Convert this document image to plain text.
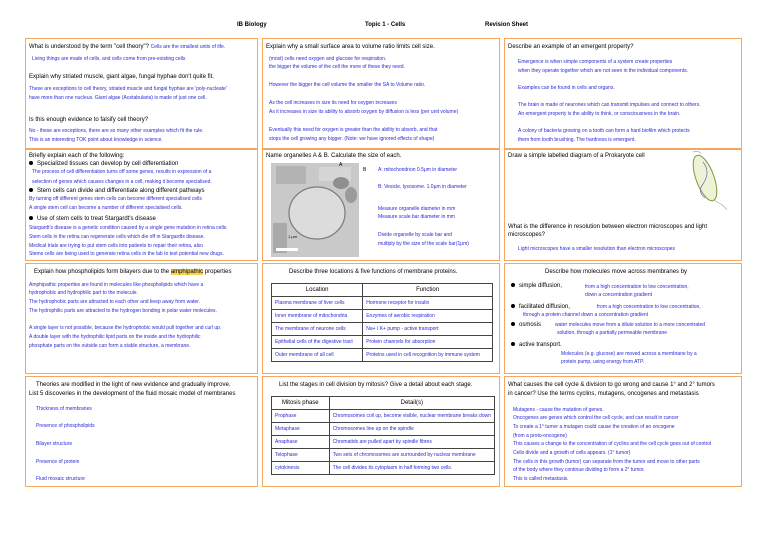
IB Biology	Topic 1 - Cells	Revision Sheet
What is understood by the term "cell theory"? Cells are the smallest units of life.
Living things are made of cells, and cells come from pre-existing cells
Explain why striated muscle, giant algae, fungal hyphae don't quite fit.
These are exceptions to cell theory, striated muscle and fungal hyphae are 'poly-nucleate'
have more than one nucleus. Giant algae (Acetabularia) is made of just one cell.
Is this enough evidence to falsify cell theory?
No - these are exceptions, there are so many other examples which fit the rule.
This is an interesting TOK point about knowledge in science.
Explain why a small surface area to volume ratio limits cell size.
(most) cells need oxygen and glucose for respiration.
the bigger the volume of the cell the more of these they need.
However the bigger the cell volume the smaller the SA to Volume ratio.
As the cell increases in size its need for oxygen increases
As it increases in size its ability to absorb oxygen by diffusion is less (per unit volume)
Eventually this need for oxygen is greater than the ability to absorb, and that
stops the cell growing any bigger. (Note: we have ignored effects of shape)
Describe an example of an emergent property?
Emergence is when simple components of a system create properties
when they operate together which are not seen in the individual components.
Examples can be found in cells and organs.
The brain is made of neurones which can transmit impulses and connect to others.
An emergent property is the ability to think, or consciousness in the brain.
A colony of bacteria growing on a tooth can form a hard biofilm which protects
them from tooth brushing. The hardness is emergent.
Briefly explain each of the following:
Specialized tissues can develop by cell differentiation
The process of cell differentiation turns off some genes, results in expression of a
selection of genes which causes changes in a cell, making it become specialised.
Stem cells can divide and differentiate along different pathways
By turning off different genes stem cells can become different specialised cells
A single stem cell can become a number of different specialised cells.
Use of stem cells to treat Stargardt's disease
Stargardt's disease is a genetic condition caused by a single gene mutation in retina cells.
Stem cells in the retina can regenerate cells which die off in Stargardts disease.
Medical trials are trying to put stem cells into patients to repair their retina, also
Stems cells are being used to generate retina cells in the lab to test potential new drugs.
Name organelles A & B. Calculate the size of each.
A
B
1 μm
A: mitochondrion 0.5μm in diameter
B: Vesicle, lysosome. 1.0μm in diameter
Measure organelle diameter in mm
Measure scale bar diameter in mm
Divide organelle by scale bar and
multiply by the size of the scale bar(1μm)
Draw a simple labelled diagram of a Prokaryote cell
What is the difference in resolution between electron microscopes and light
microscopes?
Light microscopes have a smaller resolution than electron microscopes
Explain how phospholipids form bilayers due to the amphipathic properties
Amphipathic properties are found in molecules like phospholipids which have a
hydrophobic and hydrophilic part to the molecule.
The hydrophobic parts are attracted to each other and keep away from water.
The hydrophilic parts are attracted to the hydrogen bonding in polar water molecules.
A single layer is not possible, because the hydrophobic would pull together and curl up.
A double layer with the hydrophilic lipid parts on the inside and the hydrophilic
phosphate parts on the outside can form a stable structure, a membrane.
Describe three locations & five functions of membrane proteins.
Location	Function
Plasma membrane of liver cells	Hormone receptor for insulin
Inner membrane of mitochondria	Enzymes of aerobic respiration
The membrane of neurone cells	Na+ / K+ pump - active transport
Epithelial cells of the digestive tract	Protein channels for absorption
Outer membrane of all cell	Proteins used in cell recognition by immune system
Describe how molecules move across membranes by
simple diffusion,	from a high concentration to low concentration,
down a concentration gradient
facilitated diffusion,	from a high concentration to low concentration,
through a protein channel down a concentration gradient
osmosis	water molecules move from a dilute solution to a more concentrated
solution, through a partially permeable membrane
active transport.
Molecules (e.g. glucose) are moved across a membrane by a
protein pump, using energy from ATP.
Theories are modified in the light of new evidence and gradually improve.
List 5 discoveries in the development of the fluid mosaic model of membranes
Thickness of membranes
Presence of phospholipids
Bilayer structure
Presence of protein
Fluid mosaic structure
List the stages in cell division by mitosis? Give a detail about each stage.
Mitosis phase	Detail(s)
Prophase	Chromosomes coil up, become visible, nuclear membrane breaks down
Metaphase	Chromosomes line up on the spindle
Anaphase	Chromatids are pulled apart by spindle fibres
Telophase	Two sets of chromosomes are surrounded by nuclear membrane
cytokinesis	The cell divides its cytoplasm in half forming two cells.
What causes the cell cycle & division to go wrong and cause 1° and 2° tumors
in cancer? Use the terms cyclins, mutagens, oncogenes and metastasis
Mutagens - cause the mutation of genes.
Oncogenes are genes which control the cell cycle, and can result in cancer
To create a 1° tumor a mutagen could cause the creation of an oncogene
(from a proto-oncogene)
This causes a change to the concentration of cyclins and the cell cycle goes out of control
Cells divide and a growth of cells appears. (1° tumor)
The cells in this growth (tumor) can separate from the tumor and move to other parts
of the body where they continue dividing to form a 2° tumor.
This is called metastasis.
